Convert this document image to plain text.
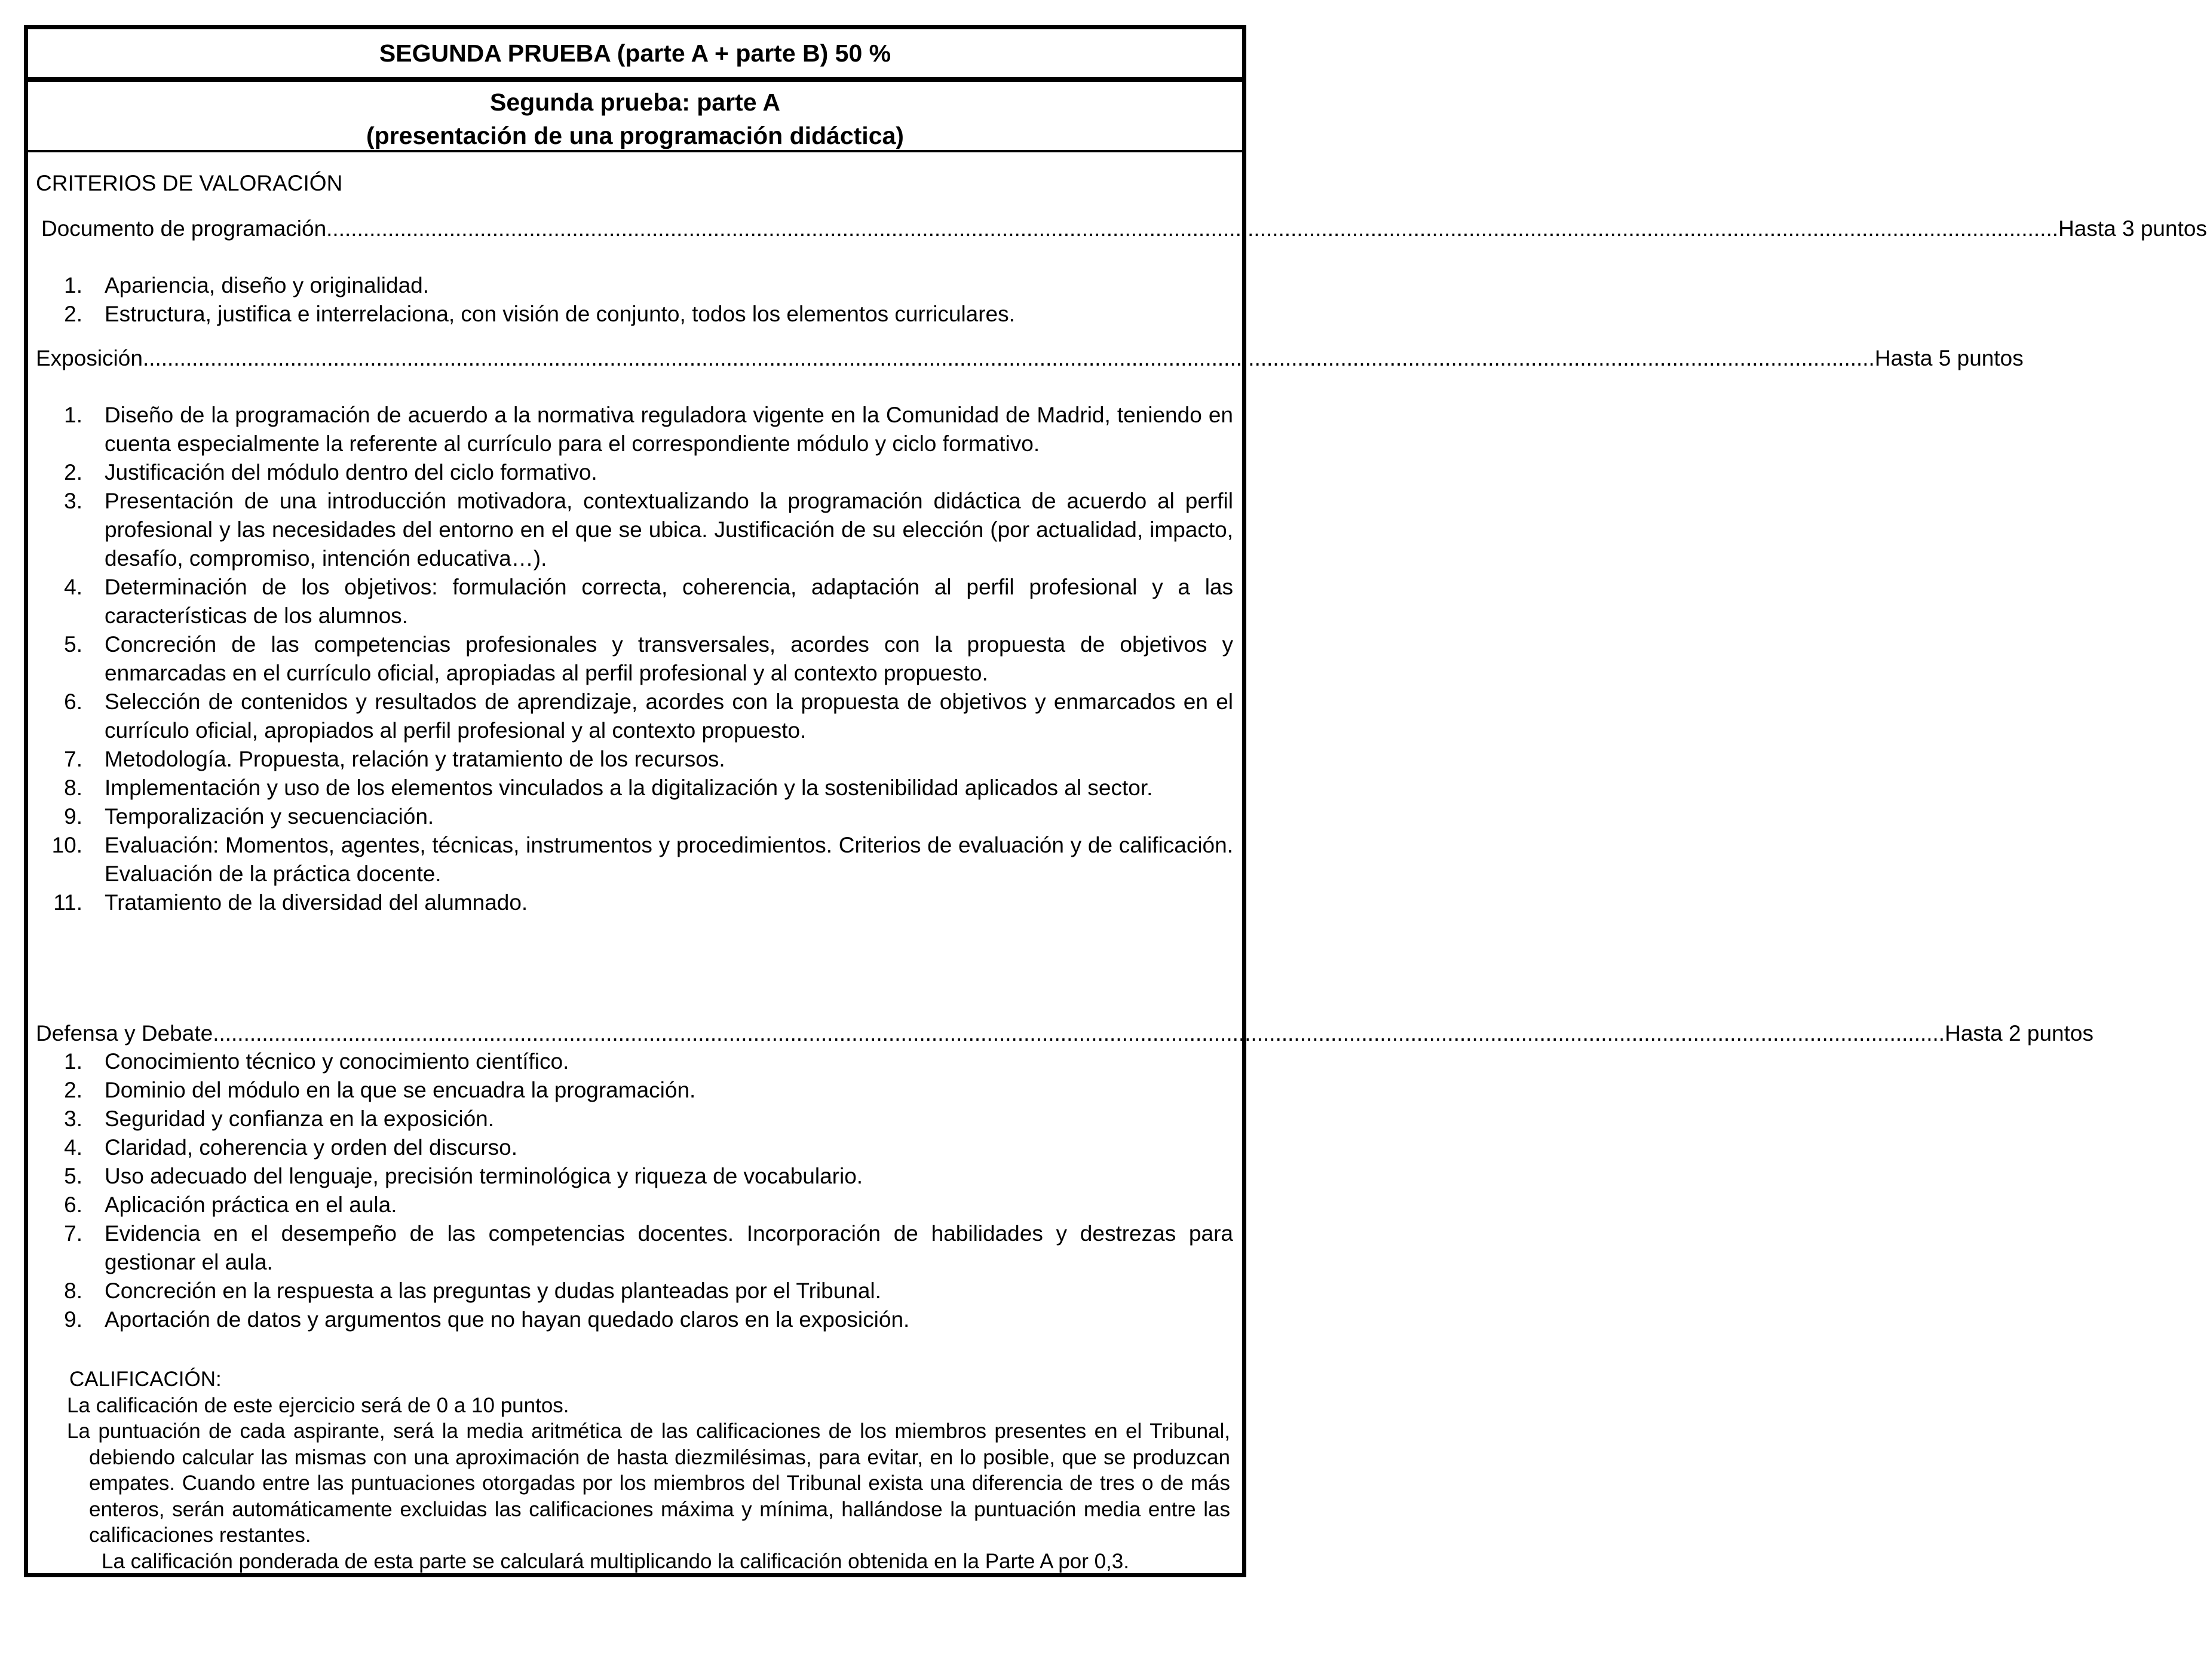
SEGUNDA PRUEBA (parte A + parte B) 50 %
Segunda prueba: parte A
(presentación de una programación didáctica)
CRITERIOS DE VALORACIÓN
Documento de programación .......................................................................................................................................................................................................................................................................................... Hasta 3 puntos
1. Apariencia, diseño y originalidad.
2. Estructura, justifica e interrelaciona, con visión de conjunto, todos los elementos curriculares.
Exposición .......................................................................................................................................................................................................................................................................................... Hasta 5 puntos
1. Diseño de la programación de acuerdo a la normativa reguladora vigente en la Comunidad de Madrid, teniendo en cuenta especialmente la referente al currículo para el correspondiente módulo y ciclo formativo.
2. Justificación del módulo dentro del ciclo formativo.
3. Presentación de una introducción motivadora, contextualizando la programación didáctica de acuerdo al perfil profesional y las necesidades del entorno en el que se ubica. Justificación de su elección (por actualidad, impacto, desafío, compromiso, intención educativa…).
4. Determinación de los objetivos: formulación correcta, coherencia, adaptación al perfil profesional y a las características de los alumnos.
5. Concreción de las competencias profesionales y transversales, acordes con la propuesta de objetivos y enmarcadas en el currículo oficial, apropiadas al perfil profesional y al contexto propuesto.
6. Selección de contenidos y resultados de aprendizaje, acordes con la propuesta de objetivos y enmarcados en el currículo oficial, apropiados al perfil profesional y al contexto propuesto.
7. Metodología. Propuesta, relación y tratamiento de los recursos.
8. Implementación y uso de los elementos vinculados a la digitalización y la sostenibilidad aplicados al sector.
9. Temporalización y secuenciación.
10. Evaluación: Momentos, agentes, técnicas, instrumentos y procedimientos. Criterios de evaluación y de calificación. Evaluación de la práctica docente.
11. Tratamiento de la diversidad del alumnado.
Defensa y Debate .......................................................................................................................................................................................................................................................................................... Hasta 2 puntos
1. Conocimiento técnico y conocimiento científico.
2. Dominio del módulo en la que se encuadra la programación.
3. Seguridad y confianza en la exposición.
4. Claridad, coherencia y orden del discurso.
5. Uso adecuado del lenguaje, precisión terminológica y riqueza de vocabulario.
6. Aplicación práctica en el aula.
7. Evidencia en el desempeño de las competencias docentes. Incorporación de habilidades y destrezas para gestionar el aula.
8. Concreción en la respuesta a las preguntas y dudas planteadas por el Tribunal.
9. Aportación de datos y argumentos que no hayan quedado claros en la exposición.

CALIFICACIÓN:

La calificación de este ejercicio será de 0 a 10 puntos.

La puntuación de cada aspirante, será la media aritmética de las calificaciones de los miembros presentes en el Tribunal, debiendo calcular las mismas con una aproximación de hasta diezmilésimas, para evitar, en lo posible, que se produzcan empates. Cuando entre las puntuaciones otorgadas por los miembros del Tribunal exista una diferencia de tres o de más enteros, serán automáticamente excluidas las calificaciones máxima y mínima, hallándose la puntuación media entre las calificaciones restantes.

La calificación ponderada de esta parte se calculará multiplicando la calificación obtenida en la Parte A por 0,3.
